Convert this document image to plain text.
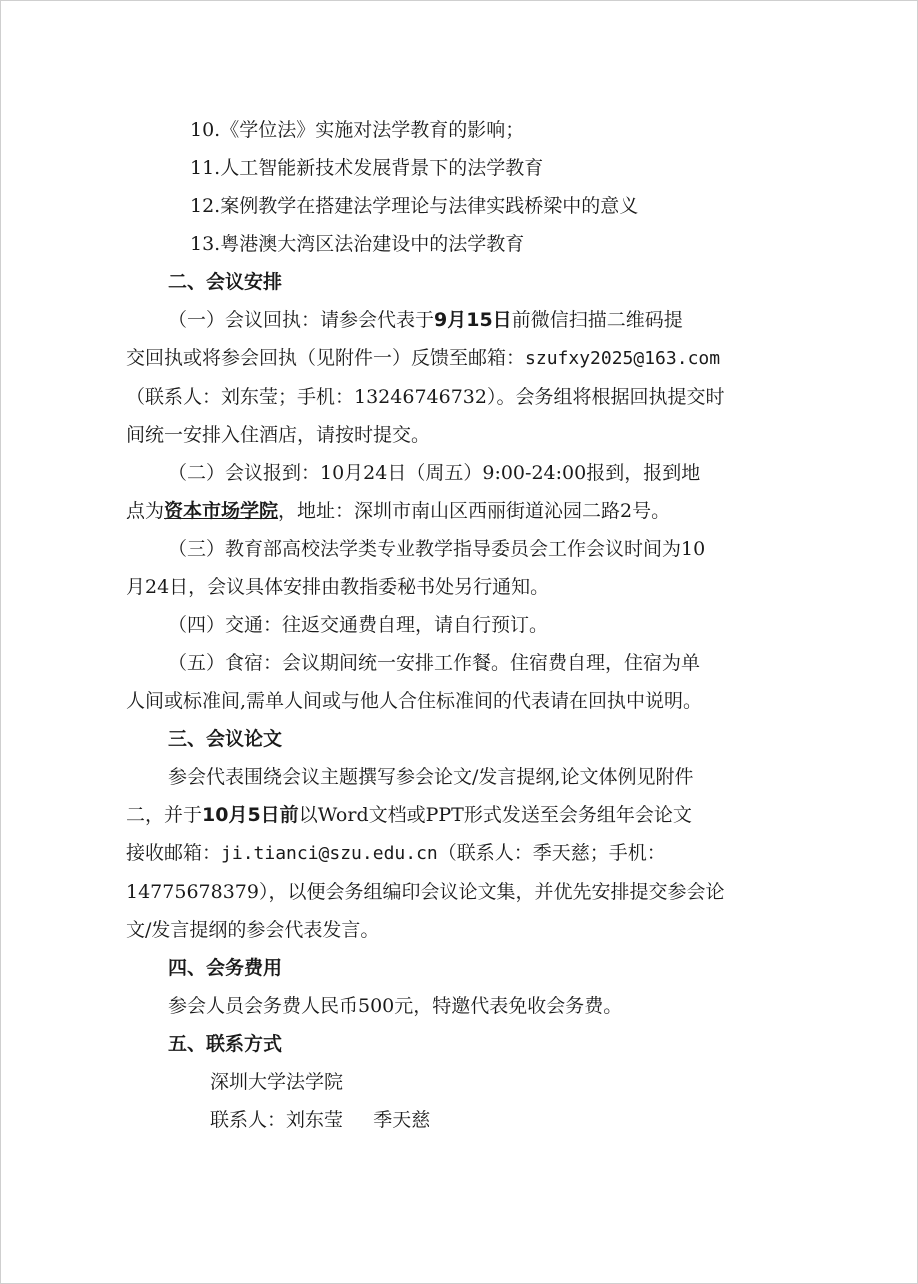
10.《学位法》实施对法学教育的影响；

11.人工智能新技术发展背景下的法学教育

12.案例教学在搭建法学理论与法律实践桥梁中的意义

13.粤港澳大湾区法治建设中的法学教育

二、会议安排

（一）会议回执：请参会代表于9月15日前微信扫描二维码提

交回执或将参会回执（见附件一）反馈至邮箱：szufxy2025@163.com

（联系人：刘东莹；手机：13246746732）。会务组将根据回执提交时

间统一安排入住酒店，请按时提交。

（二）会议报到：10月24日（周五）9:00-24:00报到，报到地

点为资本市场学院，地址：深圳市南山区西丽街道沁园二路2号。

（三）教育部高校法学类专业教学指导委员会工作会议时间为10

月24日，会议具体安排由教指委秘书处另行通知。

（四）交通：往返交通费自理，请自行预订。

（五）食宿：会议期间统一安排工作餐。住宿费自理，住宿为单

人间或标准间,需单人间或与他人合住标准间的代表请在回执中说明。

三、会议论文

参会代表围绕会议主题撰写参会论文/发言提纲,论文体例见附件

二，并于10月5日前以Word文档或PPT形式发送至会务组年会论文

接收邮箱：ji.tianci@szu.edu.cn（联系人：季天慈；手机：

14775678379），以便会务组编印会议论文集，并优先安排提交参会论

文/发言提纲的参会代表发言。

四、会务费用

参会人员会务费人民币500元，特邀代表免收会务费。

五、联系方式

深圳大学法学院

联系人：刘东莹     季天慈
